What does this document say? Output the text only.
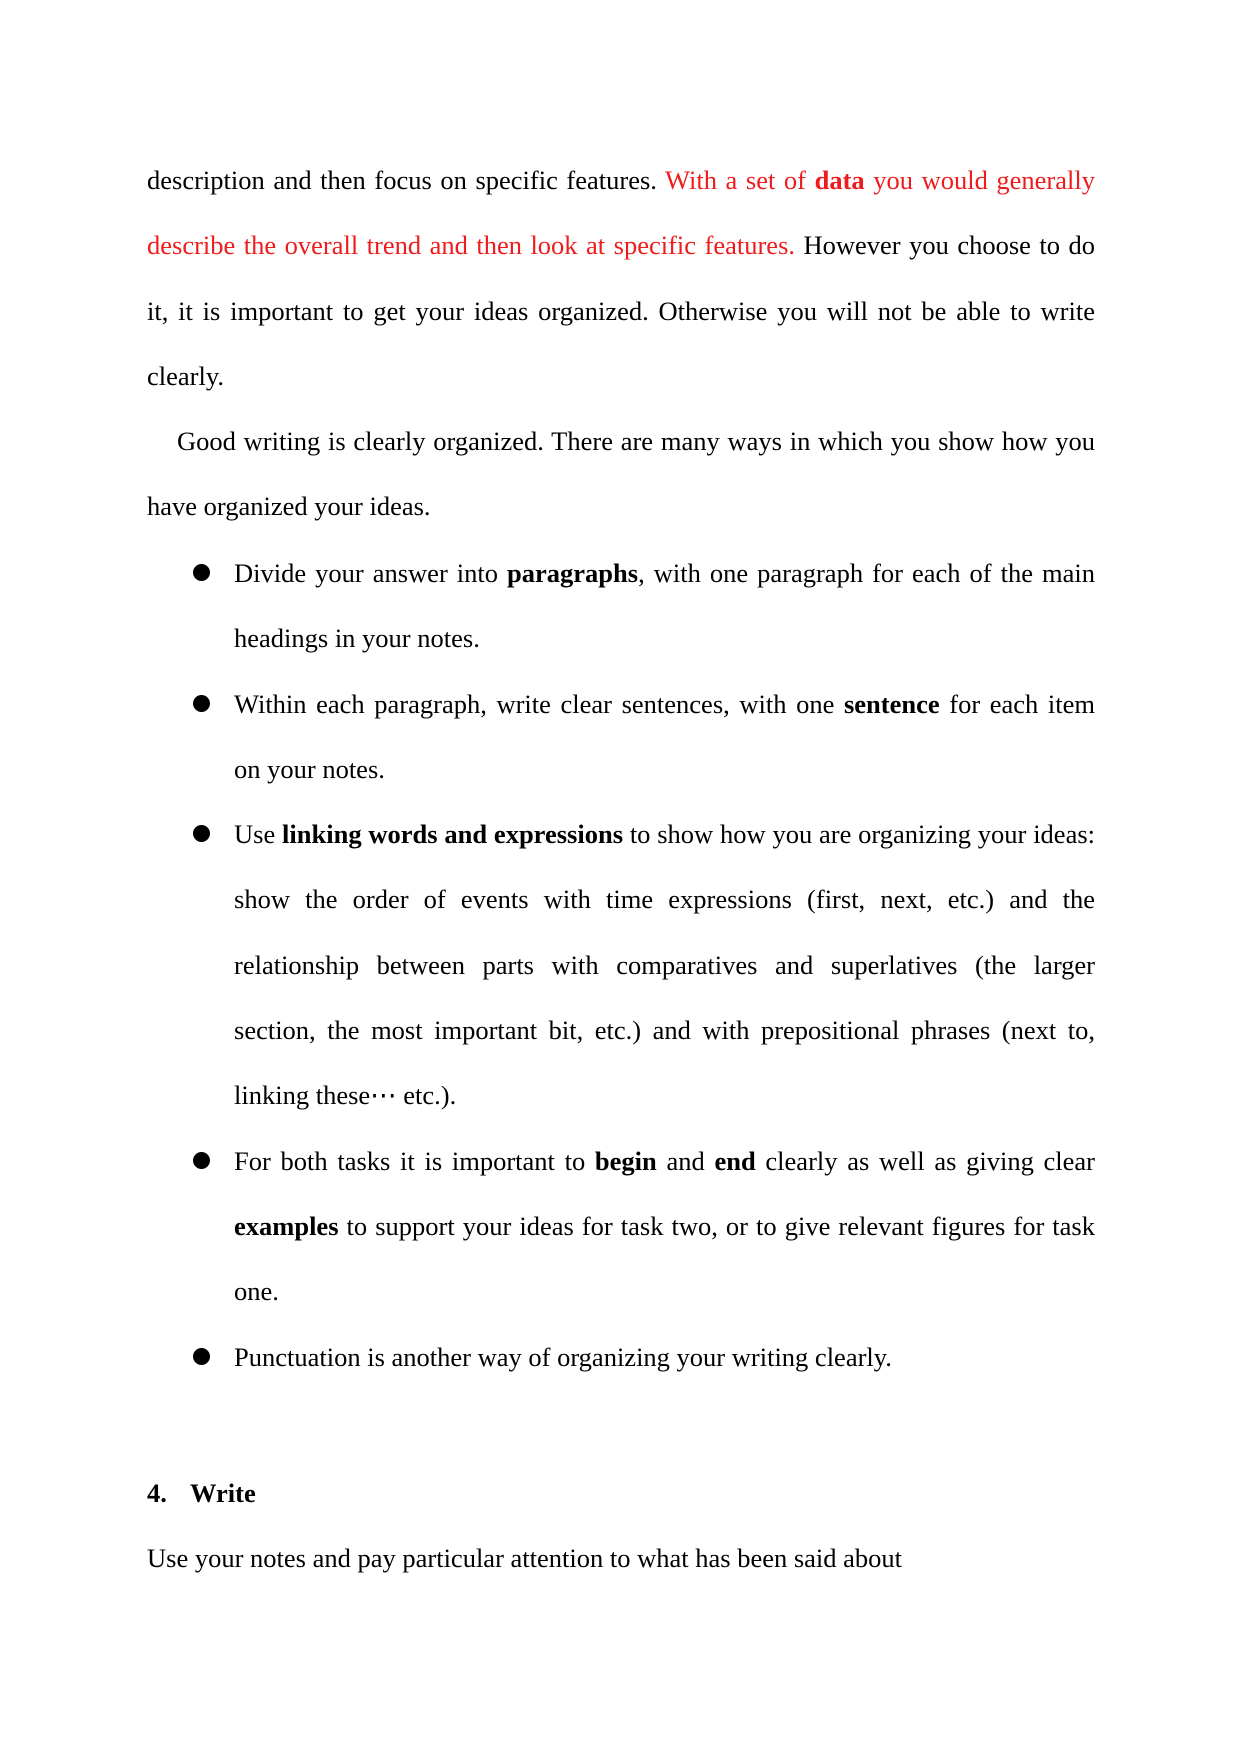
description and then focus on specific features. With a set of data you would generally describe the overall trend and then look at specific features. However you choose to do it, it is important to get your ideas organized. Otherwise you will not be able to write clearly.

Good writing is clearly organized. There are many ways in which you show how you have organized your ideas.

Divide your answer into paragraphs, with one paragraph for each of the main headings in your notes.
Within each paragraph, write clear sentences, with one sentence for each item on your notes.
Use linking words and expressions to show how you are organizing your ideas: show the order of events with time expressions (first, next, etc.) and the relationship between parts with comparatives and superlatives (the larger section, the most important bit, etc.) and with prepositional phrases (next to, linking these⋯ etc.).
For both tasks it is important to begin and end clearly as well as giving clear examples to support your ideas for task two, or to give relevant figures for task one.
Punctuation is another way of organizing your writing clearly.

4. Write

Use your notes and pay particular attention to what has been said about
